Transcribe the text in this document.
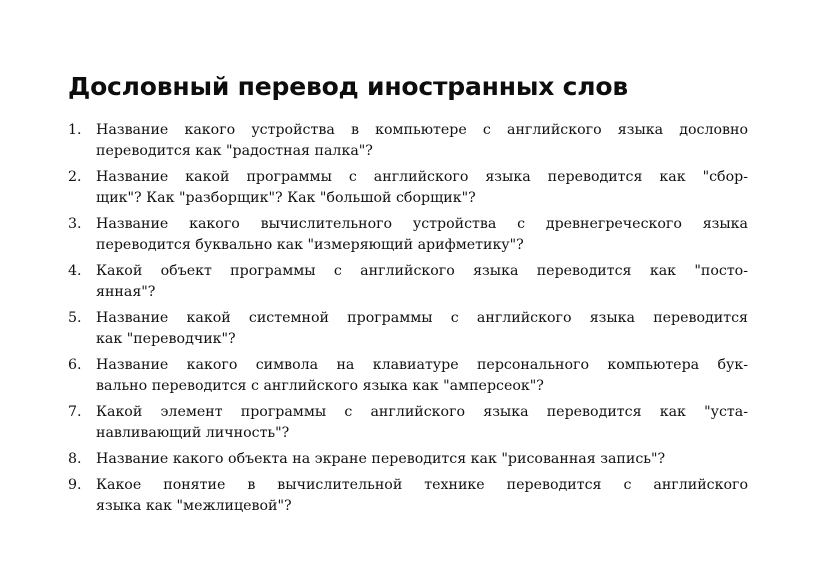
Дословный перевод иностранных слов
1. Название какого устройства в компьютере с английского языка дословно
переводится как "радостная палка"?
2. Название какой программы с английского языка переводится как "сбор-
щик"? Как "разборщик"? Как "большой сборщик"?
3. Название какого вычислительного устройства с древнегреческого языка
переводится буквально как "измеряющий арифметику"?
4. Какой объект программы с английского языка переводится как "посто-
янная"?
5. Название какой системной программы с английского языка переводится
как "переводчик"?
6. Название какого символа на клавиатуре персонального компьютера бук-
вально переводится с английского языка как "амперсеок"?
7. Какой элемент программы с английского языка переводится как "уста-
навливающий личность"?
8. Название какого объекта на экране переводится как "рисованная запись"?
9. Какое понятие в вычислительной технике переводится с английского
языка как "межлицевой"?
